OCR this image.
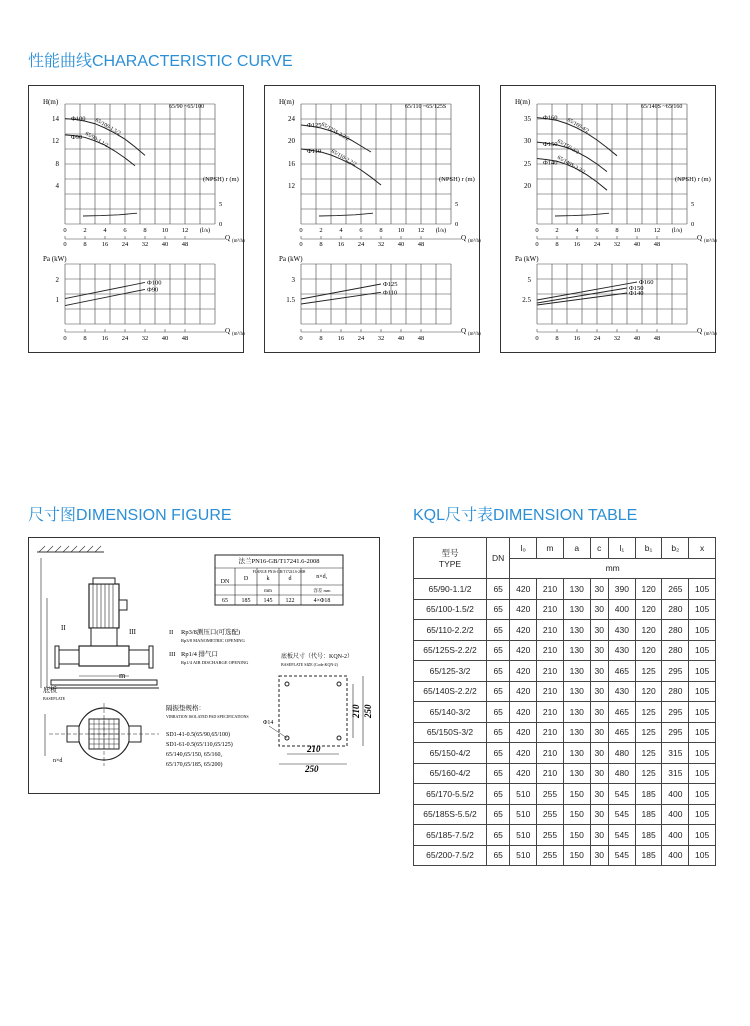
性能曲线CHARACTERISTIC CURVE
尺寸图DIMENSION FIGURE	KQL尺寸表DIMENSION TABLE
H(m)
14
12
8
4
65/90 ~65/100
(NPSH) r (m)
5
0
0	2	4	6	8 10 12 (l/s)
0	8 16 24 32 40 48
Q (m³/h)
65/100-1.5/2
Φ100
65/90-1.1/2
Φ90
Pa (kW)
2
1
Φ100
Φ90
0	8 16 24 32 40 48
Q (m³/h)
H(m)
24
20
16
12
65/110 ~65/125S
(NPSH) r (m)
5
0
0	2	4	6	8 10 12 (l/s)
0	8 16 24 32 40 48
Q (m³/h)
65/125S-2.2/2
Φ125
65/110-2.2/2
Φ110
Pa (kW)
3
1.5
Φ125
Φ110
0	8 16 24 32 40 48
Q (m³/h)
H(m)
35
30
25
20
65/140S ~65/160
(NPSH) r (m)
5
0
0	2	4	6	8 10 12 (l/s)
0	8 16 24 32 40 48
Q (m³/h)
65/160-4/2
Φ160
65/150-3/2
Φ150
65/140S-2.2/2
Φ140
Pa (kW)
5
2.5
Φ160
Φ150
Φ140
0	8 16 24 32 40 48
Q (m³/h)
m
II	III
底板
BASEPLATE
n×d
法兰PN16-GB/T17241.6-2008
FLANGE PN16-GB/T17241.6-2008
DN D	k	d	n×d₁
容差 mm
mm
65 185 145 122	4×Φ18
II Rp3/8测压口(可选配)
Rp3/8 MANOMETRIC OPENING
III Rp1/4 排气口
Rp1/4 AIR DISCHARGE OPENING
隔振垫规格：
VIBRATION ISOLATED PAD SPECIFICATIONS
SD1-41-0.5(65/90,65/100)
SD1-61-0.5(65/110,65/125)
65/140,65/150, 65/160,
65/170,65/185, 65/200)
底板尺寸（代号：KQN-2）
BASEPLATE SIZE (Code:KQN-2)
Φ14
210
250
210 250
型号
TYPE	DN	l₀	m	a	c	l₁	b₁	b₂	x
		mm							
65/90-1.1/2	65	420	210	130	30	390	120	265	105
65/100-1.5/2	65	420	210	130	30	400	120	280	105
65/110-2.2/2	65	420	210	130	30	430	120	280	105
65/125S-2.2/2	65	420	210	130	30	430	120	280	105
65/125-3/2	65	420	210	130	30	465	125	295	105
65/140S-2.2/2	65	420	210	130	30	430	120	280	105
65/140-3/2	65	420	210	130	30	465	125	295	105
65/150S-3/2	65	420	210	130	30	465	125	295	105
65/150-4/2	65	420	210	130	30	480	125	315	105
65/160-4/2	65	420	210	130	30	480	125	315	105
65/170-5.5/2	65	510	255	150	30	545	185	400	105
65/185S-5.5/2	65	510	255	150	30	545	185	400	105
65/185-7.5/2	65	510	255	150	30	545	185	400	105
65/200-7.5/2	65	510	255	150	30	545	185	400	105
